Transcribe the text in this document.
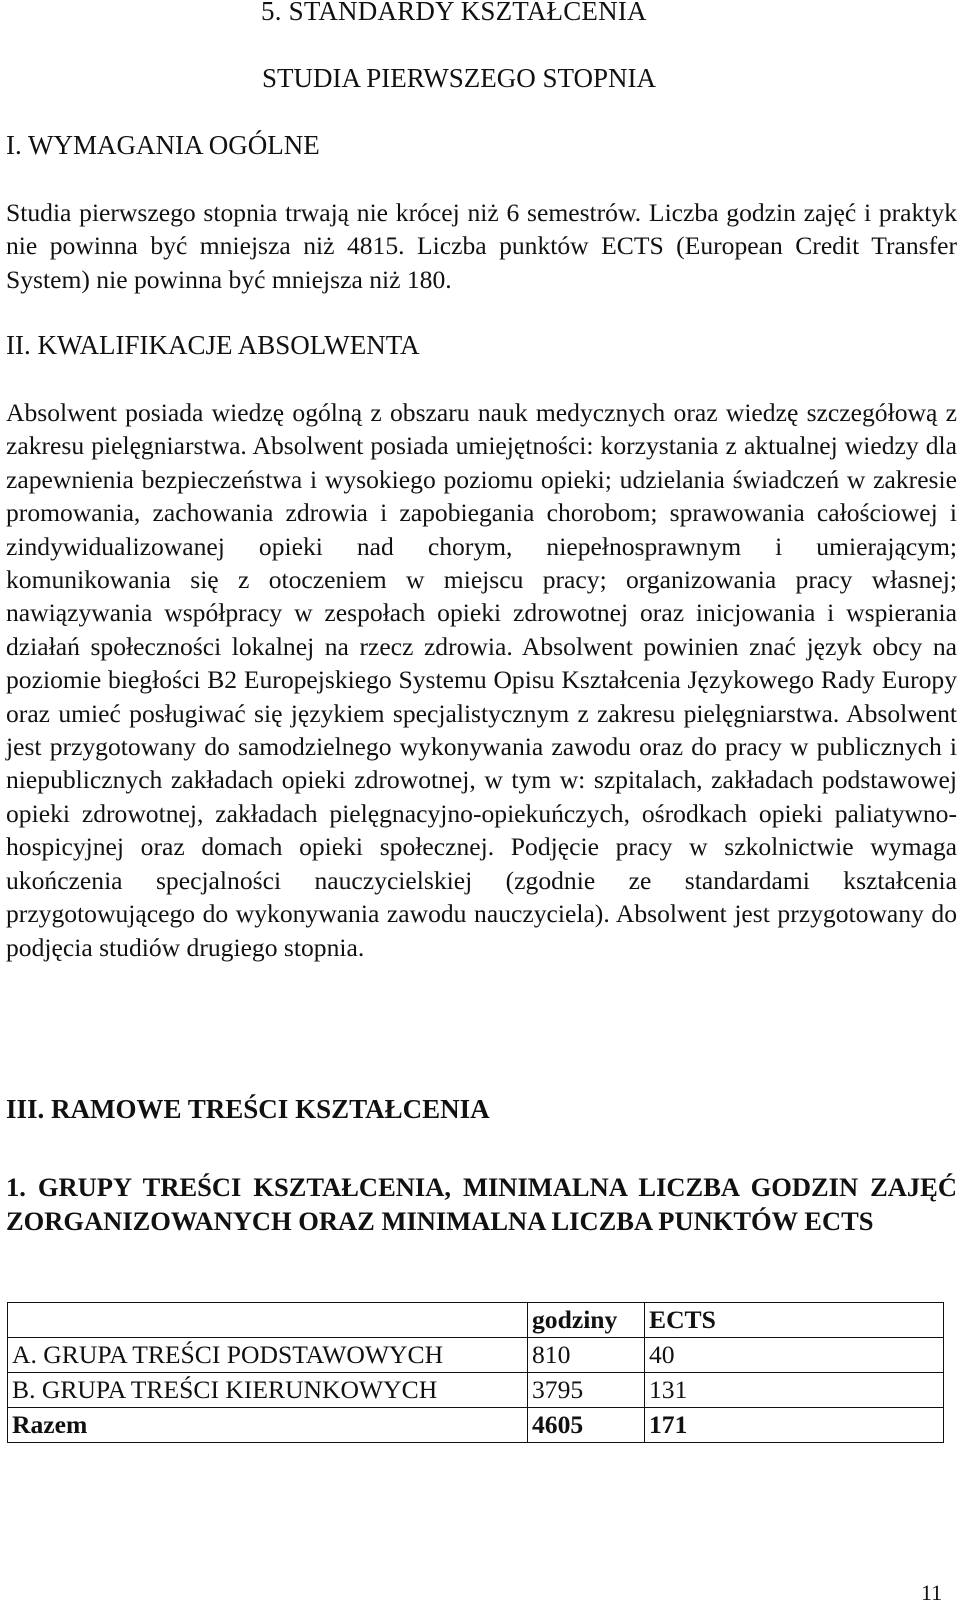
5. STANDARDY KSZTAŁCENIA
STUDIA PIERWSZEGO STOPNIA
I. WYMAGANIA OGÓLNE
Studia pierwszego stopnia trwają nie krócej niż 6 semestrów. Liczba godzin zajęć i praktyk nie powinna być mniejsza niż 4815. Liczba punktów ECTS (European Credit Transfer System) nie powinna być mniejsza niż 180.
II. KWALIFIKACJE ABSOLWENTA
Absolwent posiada wiedzę ogólną z obszaru nauk medycznych oraz wiedzę szczegółową z zakresu pielęgniarstwa. Absolwent posiada umiejętności: korzystania z aktualnej wiedzy dla zapewnienia bezpieczeństwa i wysokiego poziomu opieki; udzielania świadczeń w zakresie promowania, zachowania zdrowia i zapobiegania chorobom; sprawowania całościowej i zindywidualizowanej opieki nad chorym, niepełnosprawnym i umierającym; komunikowania się z otoczeniem w miejscu pracy; organizowania pracy własnej; nawiązywania współpracy w zespołach opieki zdrowotnej oraz inicjowania i wspierania działań społeczności lokalnej na rzecz zdrowia. Absolwent powinien znać język obcy na poziomie biegłości B2 Europejskiego Systemu Opisu Kształcenia Językowego Rady Europy oraz umieć posługiwać się językiem specjalistycznym z zakresu pielęgniarstwa. Absolwent jest przygotowany do samodzielnego wykonywania zawodu oraz do pracy w publicznych i niepublicznych zakładach opieki zdrowotnej, w tym w: szpitalach, zakładach podstawowej opieki zdrowotnej, zakładach pielęgnacyjno-opiekuńczych, ośrodkach opieki paliatywno-hospicyjnej oraz domach opieki społecznej. Podjęcie pracy w szkolnictwie wymaga ukończenia specjalności nauczycielskiej (zgodnie ze standardami kształcenia przygotowującego do wykonywania zawodu nauczyciela). Absolwent jest przygotowany do podjęcia studiów drugiego stopnia.
III. RAMOWE TREŚCI KSZTAŁCENIA
1. GRUPY TREŚCI KSZTAŁCENIA, MINIMALNA LICZBA GODZIN ZAJĘĆ ZORGANIZOWANYCH ORAZ MINIMALNA LICZBA PUNKTÓW ECTS
	godziny	ECTS
A. GRUPA TREŚCI PODSTAWOWYCH	810	40
B. GRUPA TREŚCI KIERUNKOWYCH	3795	131
Razem	4605	171
11
